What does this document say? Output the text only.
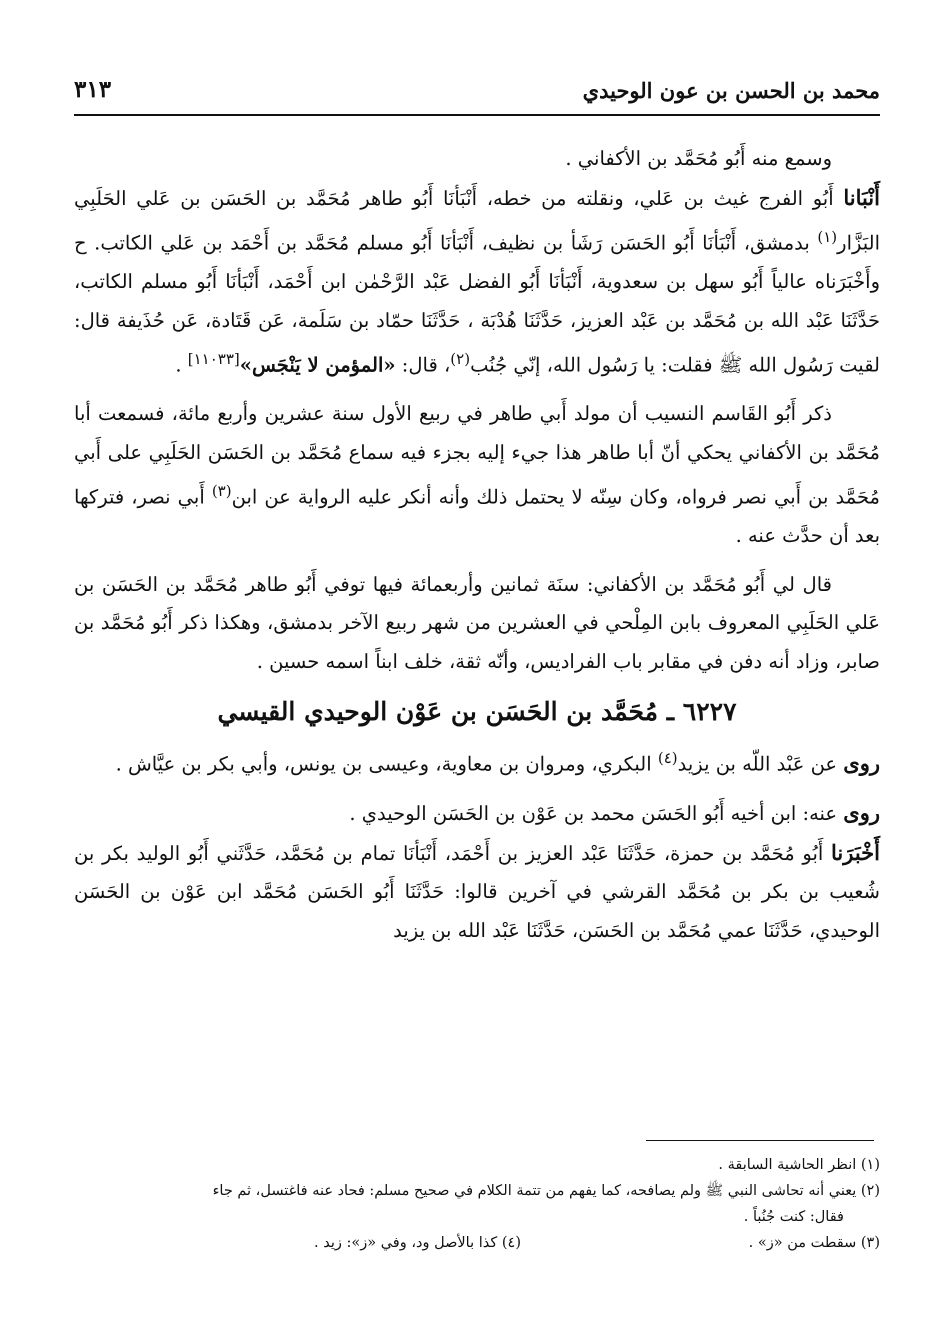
محمد بن الحسن بن عون الوحيدي
٣١٣

وسمع منه أَبُو مُحَمَّد بن الأكفاني .

أَنْبَانا أَبُو الفرج غيث بن عَلي، ونقلته من خطه، أَنْبَأنَا أَبُو طاهر مُحَمَّد بن الحَسَن بن عَلي الحَلَبِي البَزَّار$^{(١)}$ بدمشق، أَنْبَأنَا أَبُو الحَسَن رَشَأ بن نظيف، أَنْبَأنَا أَبُو مسلم مُحَمَّد بن أَحْمَد بن عَلي الكاتب. ح وأَخْبَرَناه عالياً أَبُو سهل بن سعدوية، أَنْبَأنَا أَبُو الفضل عَبْد الرَّحْمٰن ابن أَحْمَد، أَنْبَأنَا أَبُو مسلم الكاتب، حَدَّثَنَا عَبْد الله بن مُحَمَّد بن عَبْد العزيز، حَدَّثَنَا هُدْبَة ، حَدَّثَنَا حمّاد بن سَلَمة، عَن قَتَادة، عَن حُذَيفة قال: لقيت رَسُول الله ﷺ فقلت: يا رَسُول الله، إنّي جُنُب$^{(٢)}$، قال: «المؤمن لا يَنْجَس»[١١٠٣٣] .

ذكر أَبُو القَاسم النسيب أن مولد أَبي طاهر في ربيع الأول سنة عشرين وأربع مائة، فسمعت أبا مُحَمَّد بن الأكفاني يحكي أنّ أبا طاهر هذا جيء إليه بجزء فيه سماع مُحَمَّد بن الحَسَن الحَلَبِي على أَبي مُحَمَّد بن أَبي نصر فرواه، وكان سِنّه لا يحتمل ذلك وأنه أنكر عليه الرواية عن ابن$^{(٣)}$ أَبي نصر، فتركها بعد أن حدَّث عنه .

قال لي أَبُو مُحَمَّد بن الأكفاني: سنَة ثمانين وأربعمائة فيها توفي أَبُو طاهر مُحَمَّد بن الحَسَن بن عَلي الحَلَبِي المعروف بابن المِلْحي في العشرين من شهر ربيع الآخر بدمشق، وهكذا ذكر أَبُو مُحَمَّد بن صابر، وزاد أنه دفن في مقابر باب الفراديس، وأنّه ثقة، خلف ابناً اسمه حسين .

٦٢٢٧ ـ مُحَمَّد بن الحَسَن بن عَوْن الوحيدي القيسي

روى عن عَبْد اللّه بن يزيد$^{(٤)}$ البكري، ومروان بن معاوية، وعيسى بن يونس، وأبي بكر بن عيَّاش .

روى عنه: ابن أخيه أَبُو الحَسَن محمد بن عَوْن بن الحَسَن الوحيدي .

أَخْبَرَنا أَبُو مُحَمَّد بن حمزة، حَدَّثَنَا عَبْد العزيز بن أَحْمَد، أَنْبَأنَا تمام بن مُحَمَّد، حَدَّثَني أَبُو الوليد بكر بن شُعيب بن بكر بن مُحَمَّد القرشي في آخرين قالوا: حَدَّثَنَا أَبُو الحَسَن مُحَمَّد ابن عَوْن بن الحَسَن الوحيدي، حَدَّثَنَا عمي مُحَمَّد بن الحَسَن، حَدَّثَنَا عَبْد الله بن يزيد

(١) انظر الحاشية السابقة .

(٢) يعني أنه تحاشى النبي ﷺ ولم يصافحه، كما يفهم من تتمة الكلام في صحيح مسلم: فحاد عنه فاغتسل، ثم جاء

فقال: كنت جُنُباً .

(٣) سقطت من «ز» .
(٤) كذا بالأصل ود، وفي «ز»: زيد .
